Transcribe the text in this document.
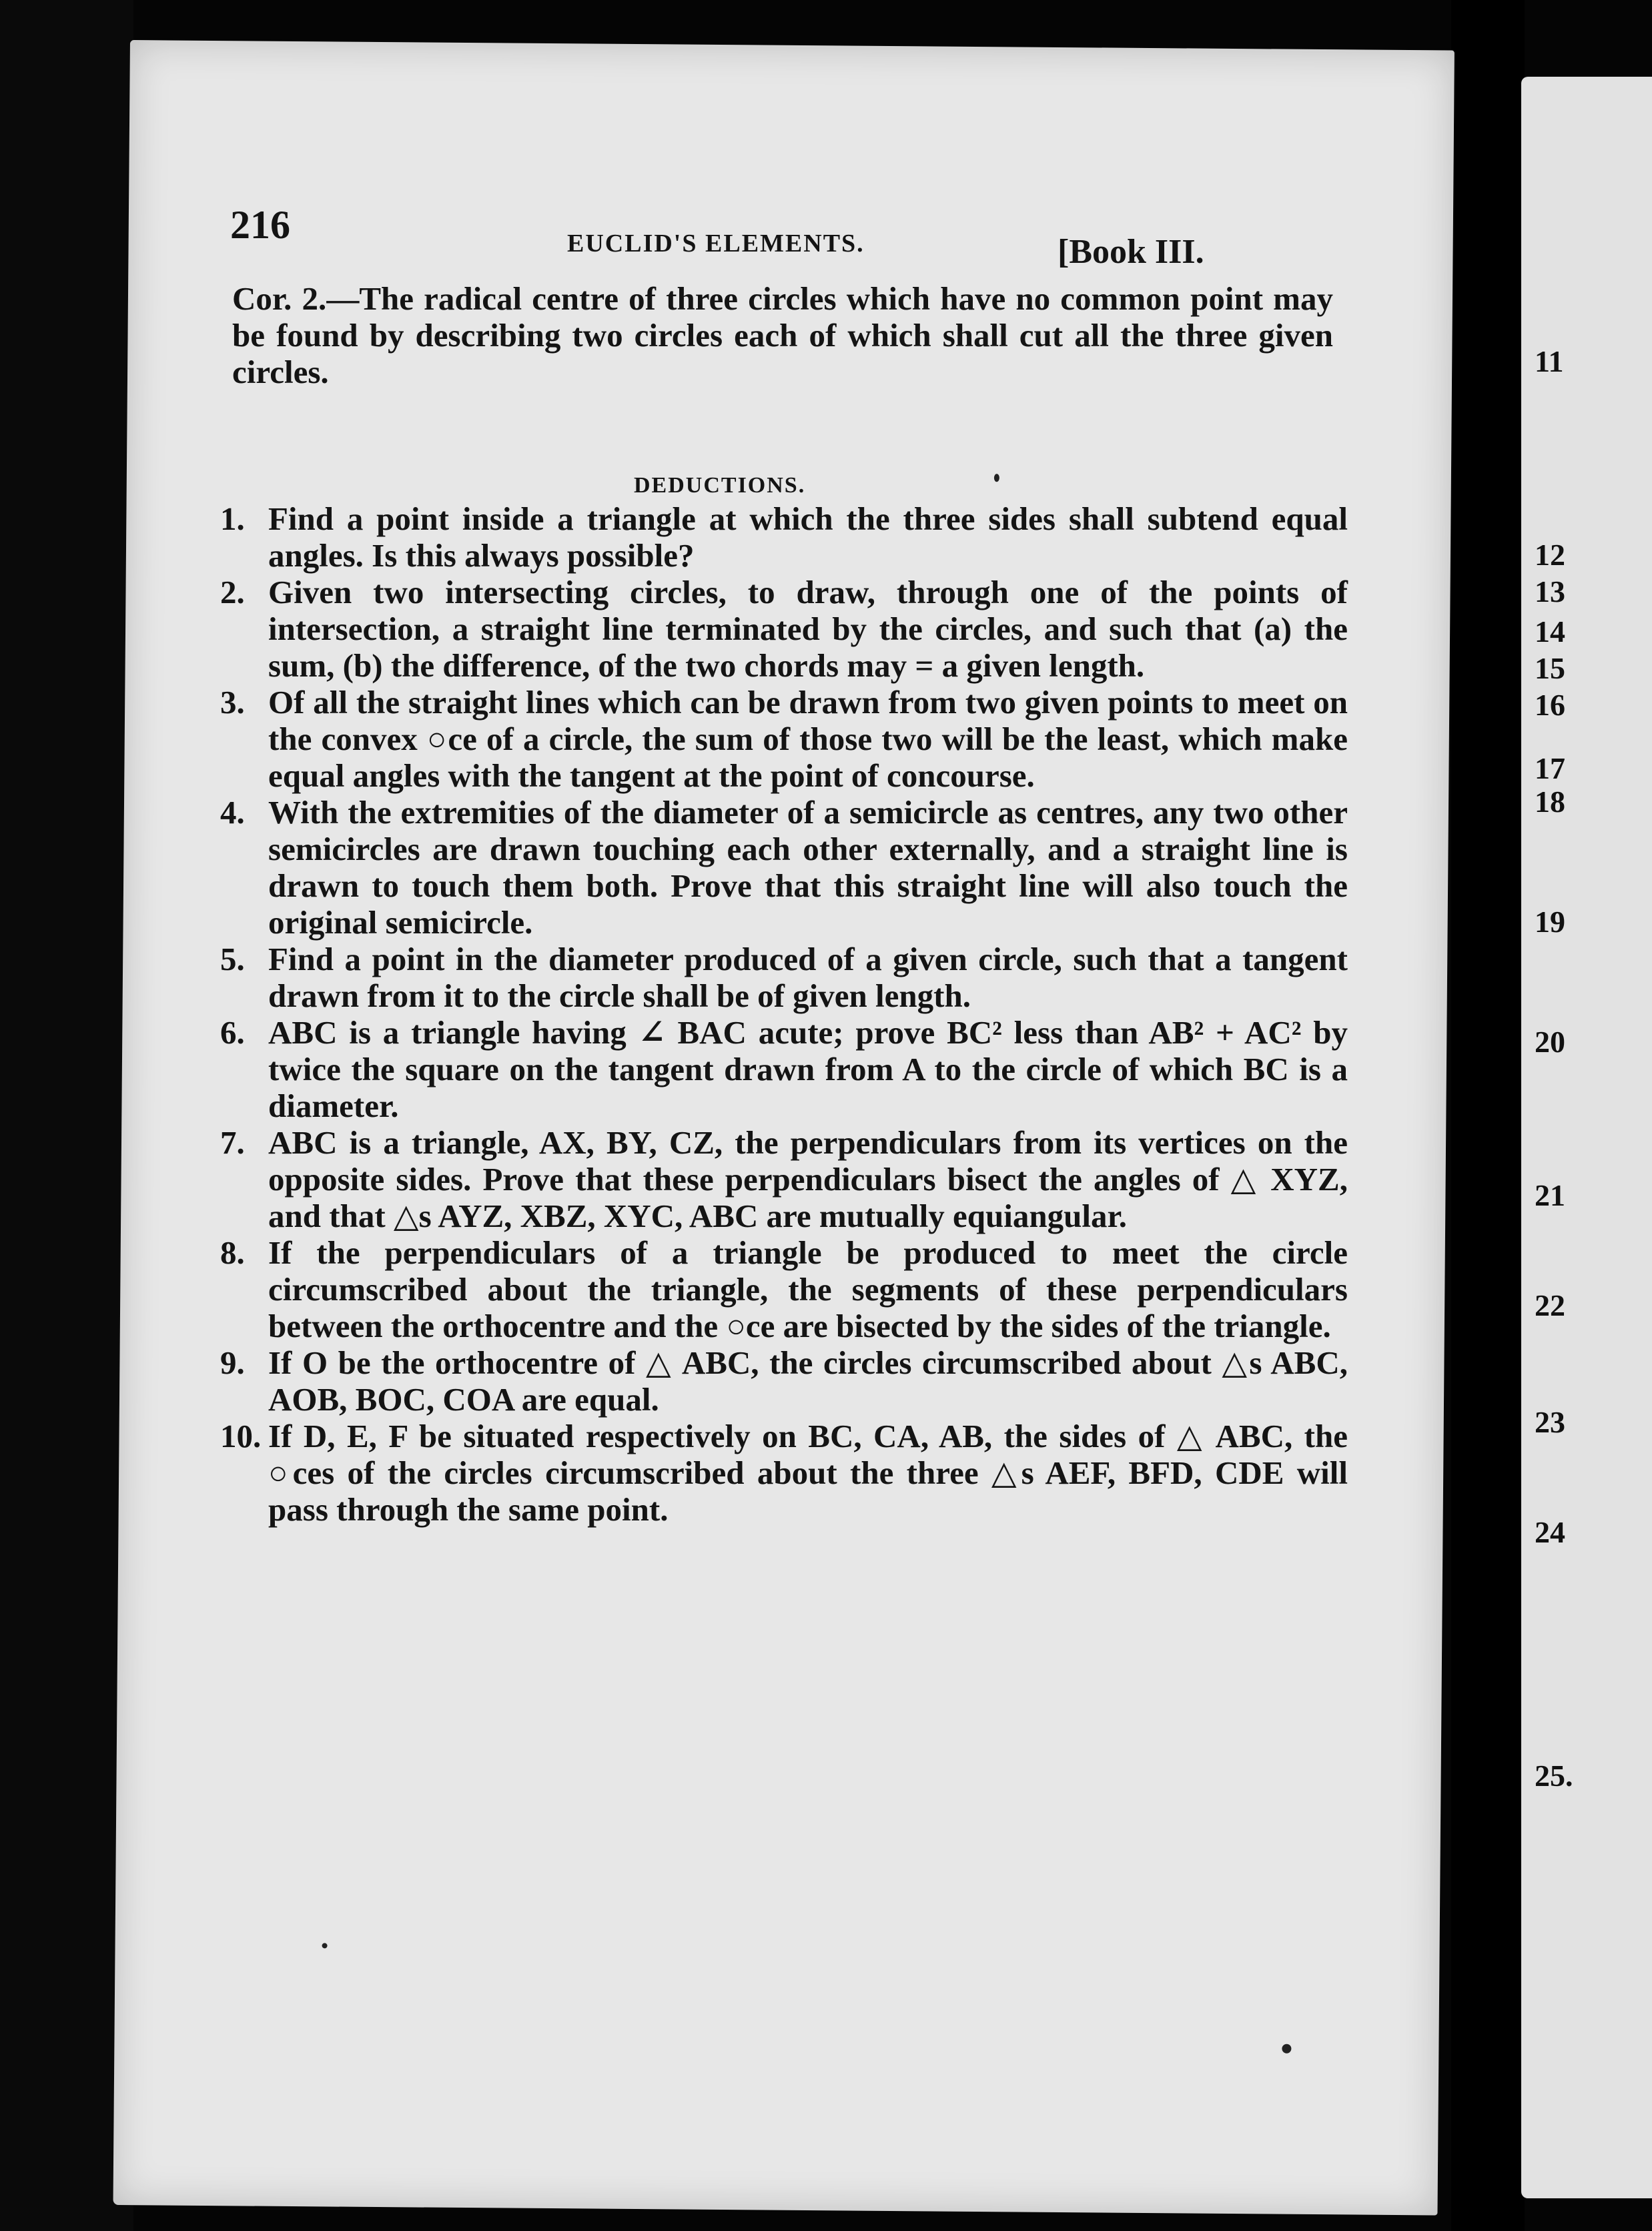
11
12
13
14
15
16
17
18
19
20
21
22
23
24
25.
216	EUCLID'S ELEMENTS.	[Book III.
Cor. 2.—The radical centre of three circles which have no common point may be found by describing two circles each of which shall cut all the three given circles.
DEDUCTIONS.
1. Find a point inside a triangle at which the three sides shall subtend equal angles. Is this always possible?
2. Given two intersecting circles, to draw, through one of the points of intersection, a straight line terminated by the circles, and such that (a) the sum, (b) the difference, of the two chords may = a given length.
3. Of all the straight lines which can be drawn from two given points to meet on the convex ○ce of a circle, the sum of those two will be the least, which make equal angles with the tangent at the point of concourse.
4. With the extremities of the diameter of a semicircle as centres, any two other semicircles are drawn touching each other externally, and a straight line is drawn to touch them both. Prove that this straight line will also touch the original semicircle.
5. Find a point in the diameter produced of a given circle, such that a tangent drawn from it to the circle shall be of given length.
6. ABC is a triangle having ∠ BAC acute; prove BC² less than AB² + AC² by twice the square on the tangent drawn from A to the circle of which BC is a diameter.
7. ABC is a triangle, AX, BY, CZ, the perpendiculars from its vertices on the opposite sides. Prove that these perpendiculars bisect the angles of △ XYZ, and that △s AYZ, XBZ, XYC, ABC are mutually equiangular.
8. If the perpendiculars of a triangle be produced to meet the circle circumscribed about the triangle, the segments of these perpendiculars between the orthocentre and the ○ce are bisected by the sides of the triangle.
9. If O be the orthocentre of △ ABC, the circles circumscribed about △s ABC, AOB, BOC, COA are equal.
10. If D, E, F be situated respectively on BC, CA, AB, the sides of △ ABC, the ○ces of the circles circumscribed about the three △s AEF, BFD, CDE will pass through the same point.
